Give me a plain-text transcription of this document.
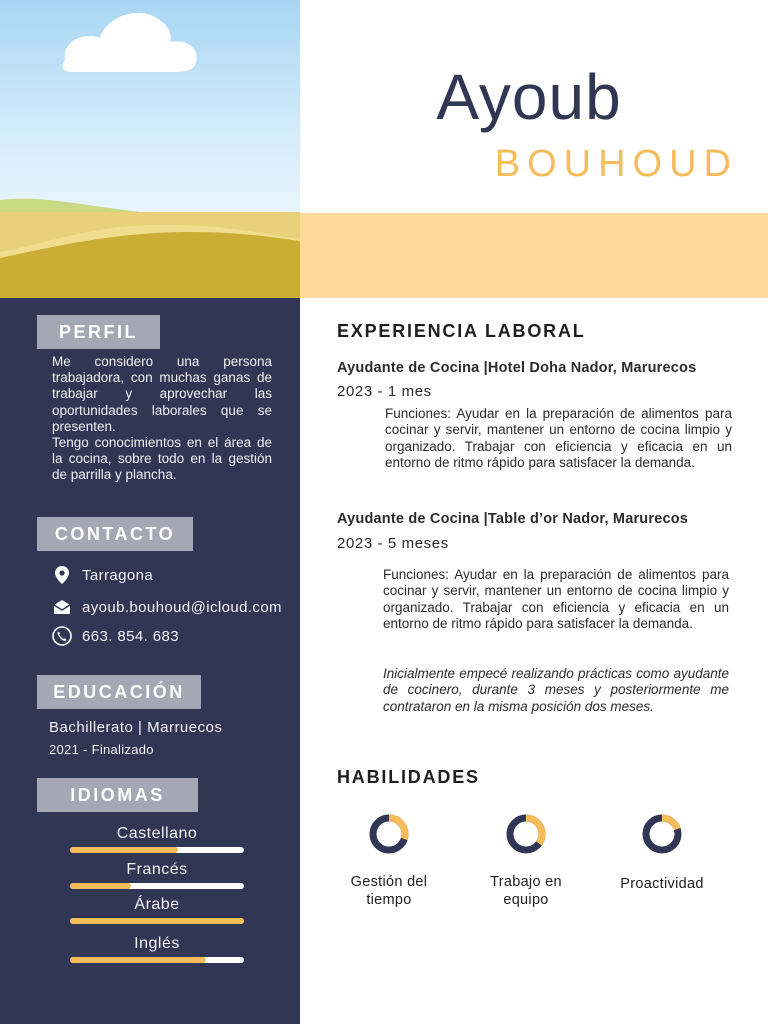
Ayoub
BOUHOUD
PERFIL
Me considero una persona trabajadora, con muchas ganas de trabajar y aprovechar las oportunidades laborales que se presenten.
Tengo conocimientos en el área de la cocina, sobre todo en la gestión de parrilla y plancha.
CONTACTO
Tarragona
ayoub.bouhoud@icloud.com
663. 854. 683
EDUCACIÓN
Bachillerato | Marruecos
2021 - Finalizado
IDIOMAS
Castellano
Francés
Árabe
Inglés
EXPERIENCIA LABORAL
Ayudante de Cocina |Hotel Doha Nador, Marurecos
2023 - 1 mes
Funciones: Ayudar en la preparación de alimentos para cocinar y servir, mantener un entorno de cocina limpio y organizado. Trabajar con eficiencia y eficacia en un entorno de ritmo rápido para satisfacer la demanda.
Ayudante de Cocina |Table d’or Nador, Marurecos
2023 - 5 meses
Funciones: Ayudar en la preparación de alimentos para cocinar y servir, mantener un entorno de cocina limpio y organizado. Trabajar con eficiencia y eficacia en un entorno de ritmo rápido para satisfacer la demanda.
Inicialmente empecé realizando prácticas como ayudante de cocinero, durante 3 meses y posteriormente me contrataron en la misma posición dos meses.
HABILIDADES
Gestión del tiempo
Trabajo en equipo
Proactividad
